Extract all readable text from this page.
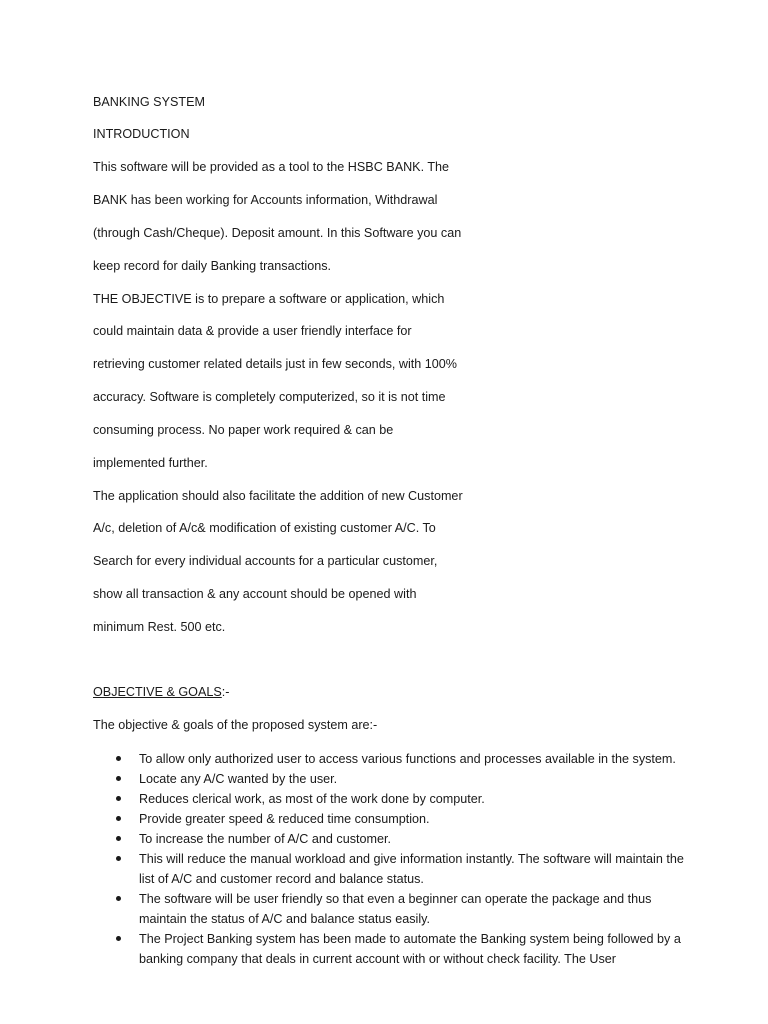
BANKING SYSTEM
INTRODUCTION
This software will be provided as a tool to the HSBC BANK. The
BANK has been working for Accounts information, Withdrawal
(through Cash/Cheque). Deposit amount. In this Software you can
keep record for daily Banking transactions.
THE OBJECTIVE is to prepare a software or application, which
could maintain data & provide a user friendly interface for
retrieving customer related details just in few seconds, with 100%
accuracy. Software is completely computerized, so it is not time
consuming process. No paper work required & can be
implemented further.
The application should also facilitate the addition of new Customer
A/c, deletion of A/c& modification of existing customer A/C. To
Search for every individual accounts for a particular customer,
show all transaction & any account should be opened with
minimum Rest. 500 etc.
OBJECTIVE & GOALS:-
The objective & goals of the proposed system are:-
To allow only authorized user to access various functions and processes available in the system.
Locate any A/C wanted by the user.
Reduces clerical work, as most of the work done by computer.
Provide greater speed & reduced time consumption.
To increase the number of A/C and customer.
This will reduce the manual workload and give information instantly. The software will maintain the list of A/C and customer record and balance status.
The software will be user friendly so that even a beginner can operate the package and thus maintain the status of A/C and balance status easily.
The Project Banking system has been made to automate the Banking system being followed by a banking company that deals in current account with or without check facility. The User
